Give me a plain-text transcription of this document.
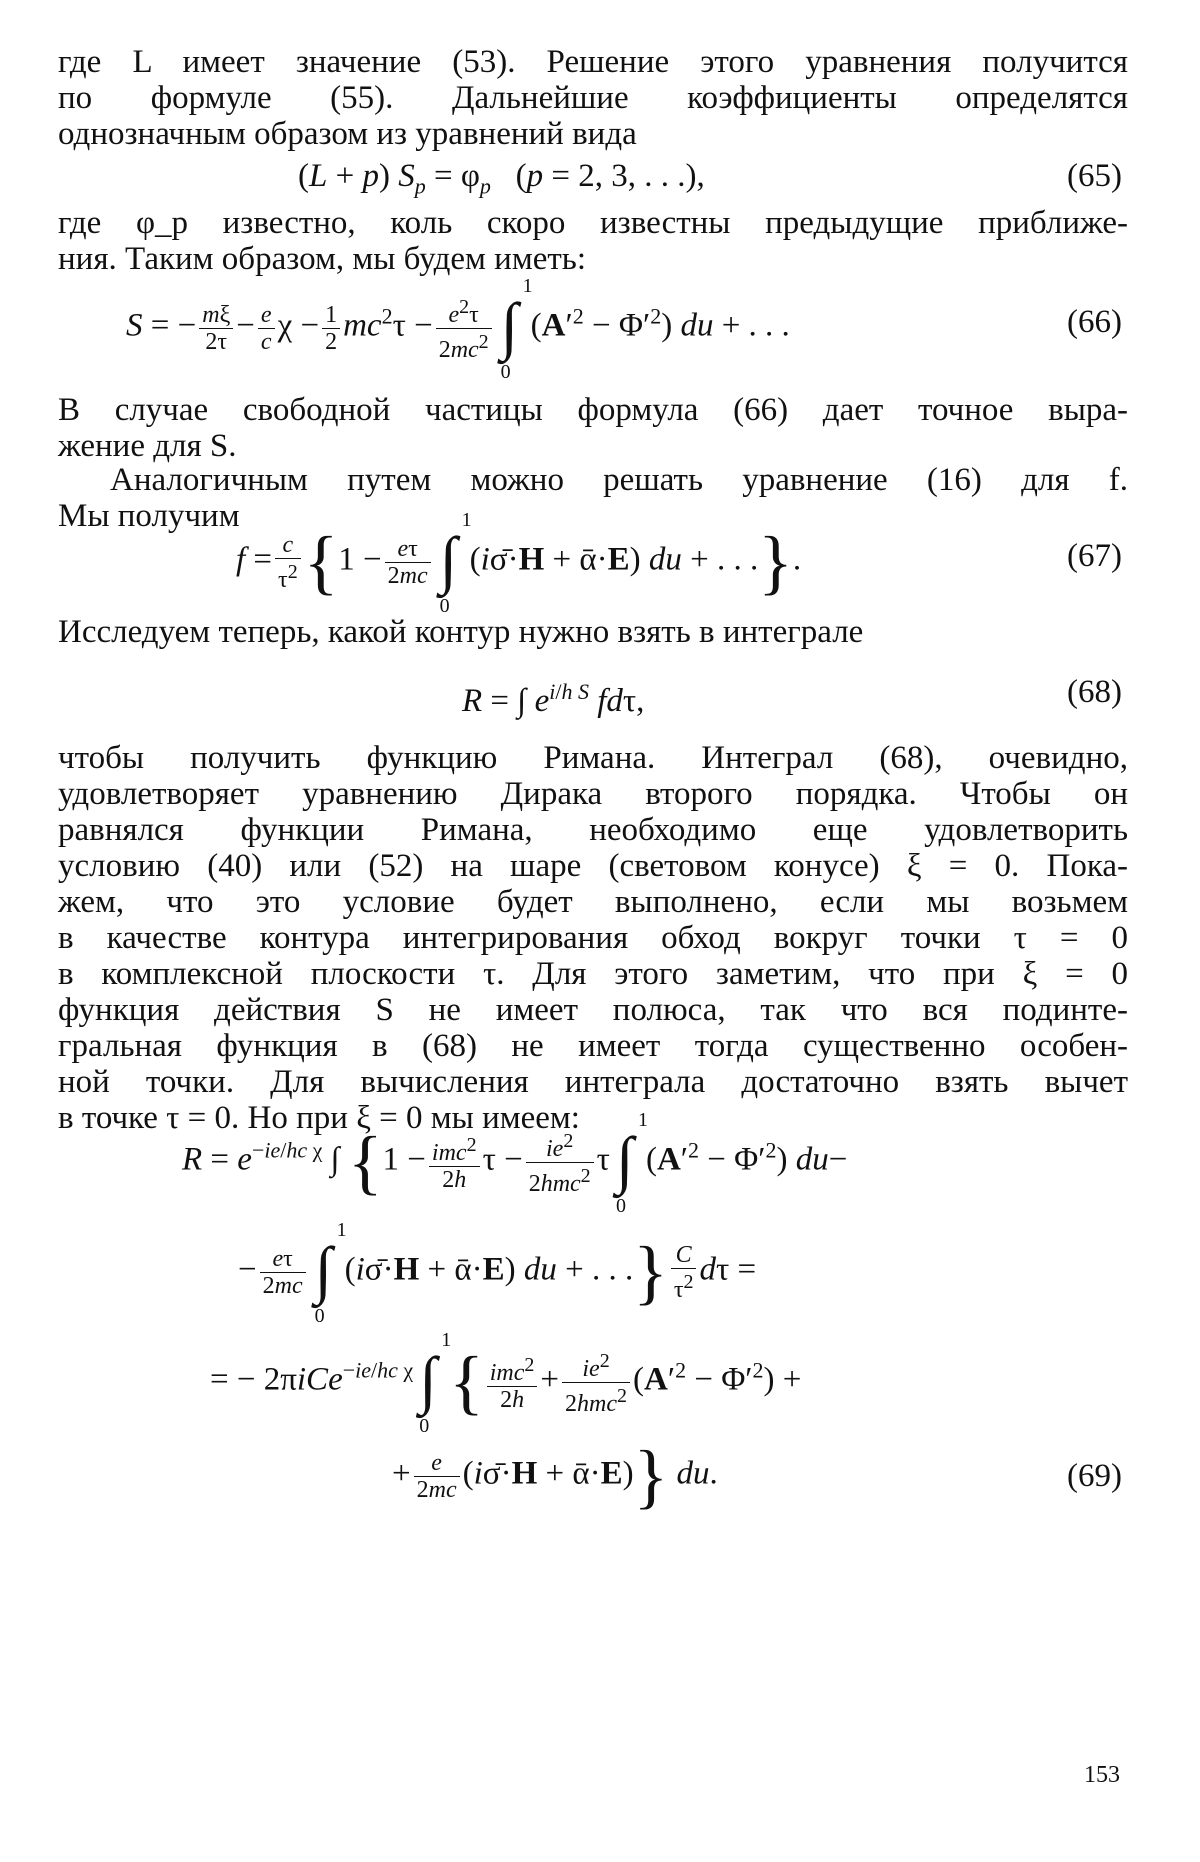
где L имеет значение (53). Решение этого уравнения получится
по формуле (55). Дальнейшие коэффициенты определятся
однозначным образом из уравнений вида
(L + p) $S_p = \varphi_p$   (p = 2, 3, . . .),	(65)
где φ_p известно, коль скоро известны предыдущие приближе-
ния. Таким образом, мы будем иметь:
S = − $\frac{m\xi}{2\tau} - \frac{e}{c}$ $\chi - \frac{1}{2} mc^2\tau - \frac{e^2\tau}{2mc^2}$ ∫
1
0
$(A'^2 - \Phi'^2)$ du + . . .	(66)
В случае свободной частицы формула (66) дает точное выра-
жение для S.
Аналогичным путем можно решать уравнение (16) для f.
Мы получим
$f = \frac{c}{\tau^2} \{1 - \frac{e\tau}{2mc}$ ∫
1
0
(iσ̄·H + ᾱ·E) du + . . .}.	(67)
Исследуем теперь, какой контур нужно взять в интеграле
R = ∫ $e^{i/h S}$ fdτ,	(68)
чтобы получить функцию Римана. Интеграл (68), очевидно,
удовлетворяет уравнению Дирака второго порядка. Чтобы он
равнялся функции Римана, необходимо еще удовлетворить
условию (40) или (52) на шаре (световом конусе) ξ = 0. Пока-
жем, что это условие будет выполнено, если мы возьмем
в качестве контура интегрирования обход вокруг точки τ = 0
в комплексной плоскости τ. Для этого заметим, что при ξ = 0
функция действия S не имеет полюса, так что вся подинте-
гральная функция в (68) не имеет тогда существенно особен-
ной точки. Для вычисления интеграла достаточно взять вычет
в точке τ = 0. Но при ξ = 0 мы имеем:
$R = e^{-ie/hc \chi}$ ∫ {$1 - \frac{imc^2}{2h}$ $\tau - \frac{ie^2}{2hmc^2}$ τ ∫
1
0
$(A'^2 - \Phi'^2)$ du−
− $\frac{e\tau}{2mc}$ ∫
1
0
(iσ̄·H + ᾱ·E) du + . . .} $\frac{C}{\tau^2}$ dτ =
= − 2πiCe$^{-ie/hc \chi}$ ∫
1
0
{ $\frac{imc^2}{2h} + \frac{ie^2}{2hmc^2} (A'^2 - \Phi'^2)$ +
+ $\frac{e}{2mc}$ (iσ̄·H + ᾱ·E)} du.	(69)
153
